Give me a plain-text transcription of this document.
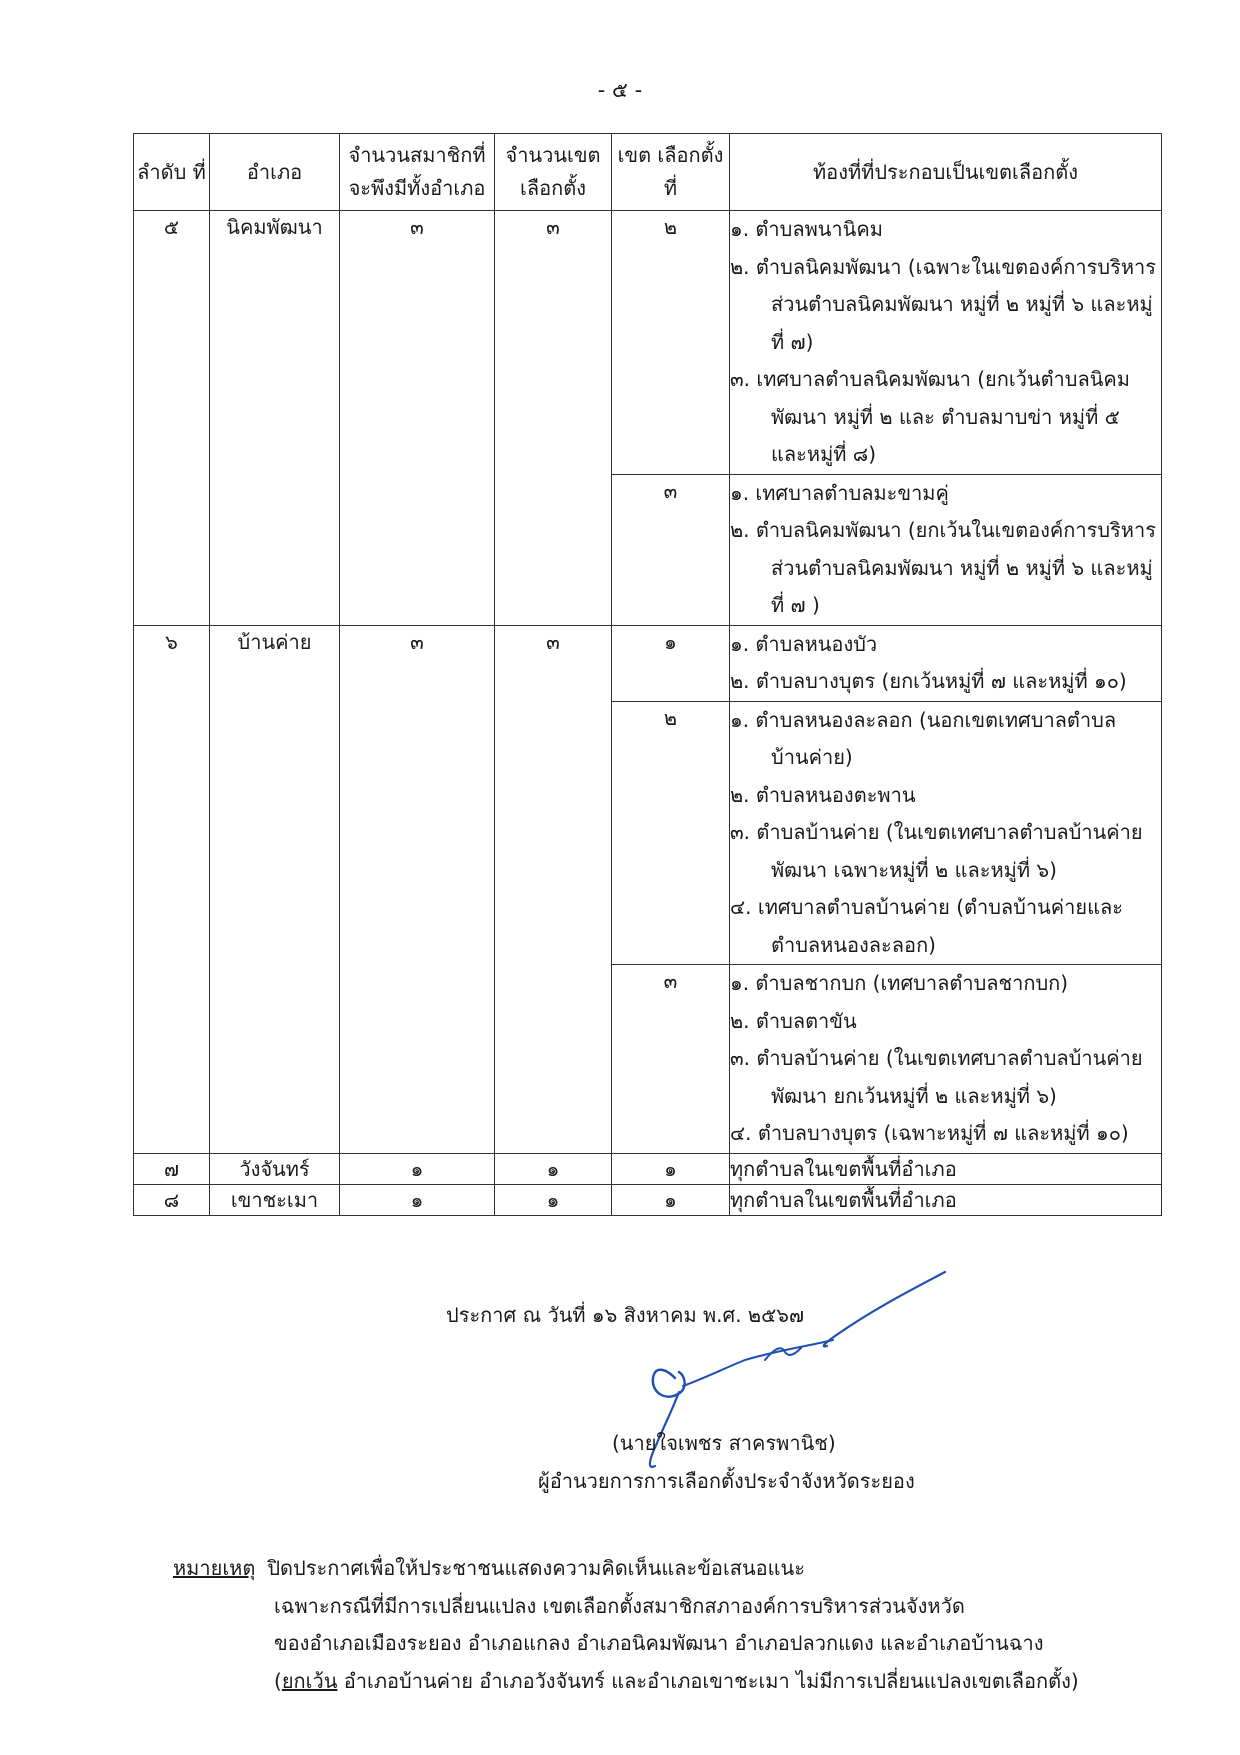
- ๕ -
ลำดับ ที่	อำเภอ	จำนวนสมาชิกที่ จะพึงมีทั้งอำเภอ	จำนวนเขต เลือกตั้ง	เขต เลือกตั้งที่	ท้องที่ที่ประกอบเป็นเขตเลือกตั้ง
๕	นิคมพัฒนา	๓	๓	๒	๑. ตำบลพนานิคม
๒. ตำบลนิคมพัฒนา (เฉพาะในเขตองค์การบริหารส่วนตำบลนิคมพัฒนา หมู่ที่ ๒ หมู่ที่ ๖ และหมู่ที่ ๗)
๓. เทศบาลตำบลนิคมพัฒนา (ยกเว้นตำบลนิคมพัฒนา หมู่ที่ ๒ และ ตำบลมาบข่า หมู่ที่ ๕ และหมู่ที่ ๘)

				๓	๑. เทศบาลตำบลมะขามคู่
๒. ตำบลนิคมพัฒนา (ยกเว้นในเขตองค์การบริหารส่วนตำบลนิคมพัฒนา หมู่ที่ ๒ หมู่ที่ ๖ และหมู่ที่ ๗ )

๖	บ้านค่าย	๓	๓	๑	๑. ตำบลหนองบัว
๒. ตำบลบางบุตร (ยกเว้นหมู่ที่ ๗ และหมู่ที่ ๑๐)

				๒	๑. ตำบลหนองละลอก (นอกเขตเทศบาลตำบลบ้านค่าย)
๒. ตำบลหนองตะพาน
๓. ตำบลบ้านค่าย (ในเขตเทศบาลตำบลบ้านค่ายพัฒนา เฉพาะหมู่ที่ ๒ และหมู่ที่ ๖)
๔. เทศบาลตำบลบ้านค่าย (ตำบลบ้านค่ายและตำบลหนองละลอก)

				๓	๑. ตำบลชากบก (เทศบาลตำบลชากบก)
๒. ตำบลตาขัน
๓. ตำบลบ้านค่าย (ในเขตเทศบาลตำบลบ้านค่ายพัฒนา ยกเว้นหมู่ที่ ๒ และหมู่ที่ ๖)
๔. ตำบลบางบุตร (เฉพาะหมู่ที่ ๗ และหมู่ที่ ๑๐)

๗	วังจันทร์	๑	๑	๑	ทุกตำบลในเขตพื้นที่อำเภอ
๘	เขาชะเมา	๑	๑	๑	ทุกตำบลในเขตพื้นที่อำเภอ
ประกาศ ณ วันที่ ๑๖ สิงหาคม พ.ศ. ๒๕๖๗
(นายใจเพชร สาครพานิช)
ผู้อำนวยการการเลือกตั้งประจำจังหวัดระยอง
หมายเหตุ ปิดประกาศเพื่อให้ประชาชนแสดงความคิดเห็นและข้อเสนอแนะ
เฉพาะกรณีที่มีการเปลี่ยนแปลง เขตเลือกตั้งสมาชิกสภาองค์การบริหารส่วนจังหวัด
ของอำเภอเมืองระยอง อำเภอแกลง อำเภอนิคมพัฒนา อำเภอปลวกแดง และอำเภอบ้านฉาง
(ยกเว้น อำเภอบ้านค่าย อำเภอวังจันทร์ และอำเภอเขาชะเมา ไม่มีการเปลี่ยนแปลงเขตเลือกตั้ง)
